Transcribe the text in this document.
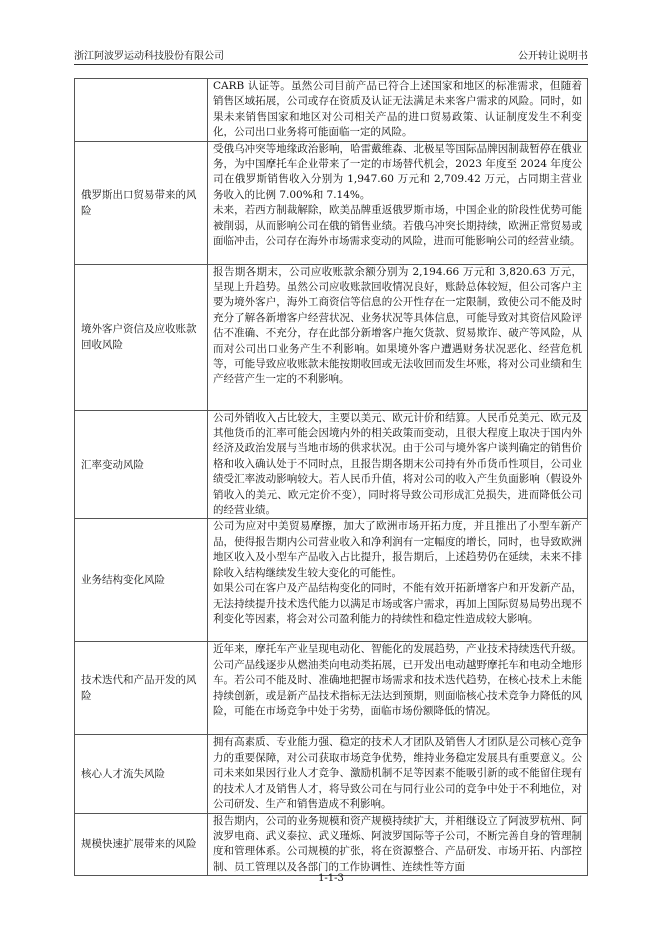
浙江阿波罗运动科技股份有限公司	公开转让说明书

	CARB 认证等。虽然公司目前产品已符合上述国家和地区的标准需求，但随着销售区域拓展，公司或存在资质及认证无法满足未来客户需求的风险。同时，如果未来销售国家和地区对公司相关产品的进口贸易政策、认证制度发生不利变化，公司出口业务将可能面临一定的风险。

俄罗斯出口贸易带来的风险	受俄乌冲突等地缘政治影响，哈雷戴维森、北极星等国际品牌因制裁暂停在俄业务，为中国摩托车企业带来了一定的市场替代机会，2023 年度至 2024 年度公司在俄罗斯销售收入分别为 1,947.60 万元和 2,709.42 万元，占同期主营业务收入的比例 7.00%和 7.14%。

未来，若西方制裁解除，欧美品牌重返俄罗斯市场，中国企业的阶段性优势可能被削弱，从而影响公司在俄的销售业绩。若俄乌冲突长期持续，欧洲正常贸易或面临冲击，公司存在海外市场需求变动的风险，进而可能影响公司的经营业绩。

境外客户资信及应收账款回收风险	报告期各期末，公司应收账款余额分别为 2,194.66 万元和 3,820.63 万元，呈现上升趋势。虽然公司应收账款回收情况良好，账龄总体较短，但公司客户主要为境外客户，海外工商资信等信息的公开性存在一定限制，致使公司不能及时充分了解各新增客户经营状况、业务状况等具体信息，可能导致对其资信风险评估不准确、不充分，存在此部分新增客户拖欠货款、贸易欺诈、破产等风险，从而对公司出口业务产生不利影响。如果境外客户遭遇财务状况恶化、经营危机等，可能导致应收账款未能按期收回或无法收回而发生坏账，将对公司业绩和生产经营产生一定的不利影响。

汇率变动风险	公司外销收入占比较大，主要以美元、欧元计价和结算。人民币兑美元、欧元及其他货币的汇率可能会因境内外的相关政策而变动，且很大程度上取决于国内外经济及政治发展与当地市场的供求状况。由于公司与境外客户谈判确定的销售价格和收入确认处于不同时点，且报告期各期末公司持有外币货币性项目，公司业绩受汇率波动影响较大。若人民币升值，将对公司的收入产生负面影响（假设外销收入的美元、欧元定价不变），同时将导致公司形成汇兑损失，进而降低公司的经营业绩。

业务结构变化风险	公司为应对中美贸易摩擦，加大了欧洲市场开拓力度，并且推出了小型车新产品，使得报告期内公司营业收入和净利润有一定幅度的增长，同时，也导致欧洲地区收入及小型车产品收入占比提升，报告期后，上述趋势仍在延续，未来不排除收入结构继续发生较大变化的可能性。

如果公司在客户及产品结构变化的同时，不能有效开拓新增客户和开发新产品，无法持续提升技术迭代能力以满足市场或客户需求，再加上国际贸易局势出现不利变化等因素，将会对公司盈利能力的持续性和稳定性造成较大影响。

技术迭代和产品开发的风险	近年来，摩托车产业呈现电动化、智能化的发展趋势，产业技术持续迭代升级。公司产品线逐步从燃油类向电动类拓展，已开发出电动越野摩托车和电动全地形车。若公司不能及时、准确地把握市场需求和技术迭代趋势，在核心技术上未能持续创新，或是新产品技术指标无法达到预期，则面临核心技术竞争力降低的风险，可能在市场竞争中处于劣势，面临市场份额降低的情况。

核心人才流失风险	拥有高素质、专业能力强、稳定的技术人才团队及销售人才团队是公司核心竞争力的重要保障，对公司获取市场竞争优势，维持业务稳定发展具有重要意义。公司未来如果因行业人才竞争、激励机制不足等因素不能吸引新的或不能留住现有的技术人才及销售人才，将导致公司在与同行业公司的竞争中处于不利地位，对公司研发、生产和销售造成不利影响。

规模快速扩展带来的风险	报告期内，公司的业务规模和资产规模持续扩大，并相继设立了阿波罗杭州、阿波罗电商、武义泰拉、武义瑾烁、阿波罗国际等子公司，不断完善自身的管理制度和管理体系。公司规模的扩张，将在资源整合、产品研发、市场开拓、内部控制、员工管理以及各部门的工作协调性、连续性等方面

1-1-3
